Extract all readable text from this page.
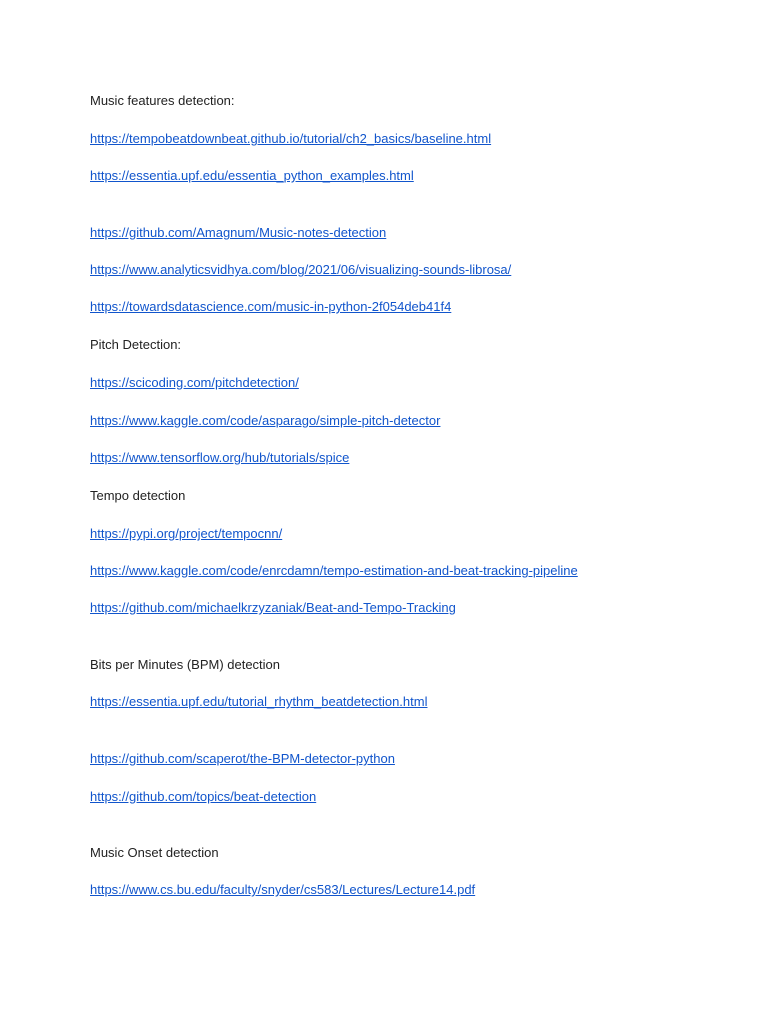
Music features detection:
https://tempobeatdownbeat.github.io/tutorial/ch2_basics/baseline.html
https://essentia.upf.edu/essentia_python_examples.html
https://github.com/Amagnum/Music-notes-detection
https://www.analyticsvidhya.com/blog/2021/06/visualizing-sounds-librosa/
https://towardsdatascience.com/music-in-python-2f054deb41f4
Pitch Detection:
https://scicoding.com/pitchdetection/
https://www.kaggle.com/code/asparago/simple-pitch-detector
https://www.tensorflow.org/hub/tutorials/spice
Tempo detection
https://pypi.org/project/tempocnn/
https://www.kaggle.com/code/enrcdamn/tempo-estimation-and-beat-tracking-pipeline
https://github.com/michaelkrzyzaniak/Beat-and-Tempo-Tracking
Bits per Minutes (BPM) detection
https://essentia.upf.edu/tutorial_rhythm_beatdetection.html
https://github.com/scaperot/the-BPM-detector-python
https://github.com/topics/beat-detection
Music Onset detection
https://www.cs.bu.edu/faculty/snyder/cs583/Lectures/Lecture14.pdf
